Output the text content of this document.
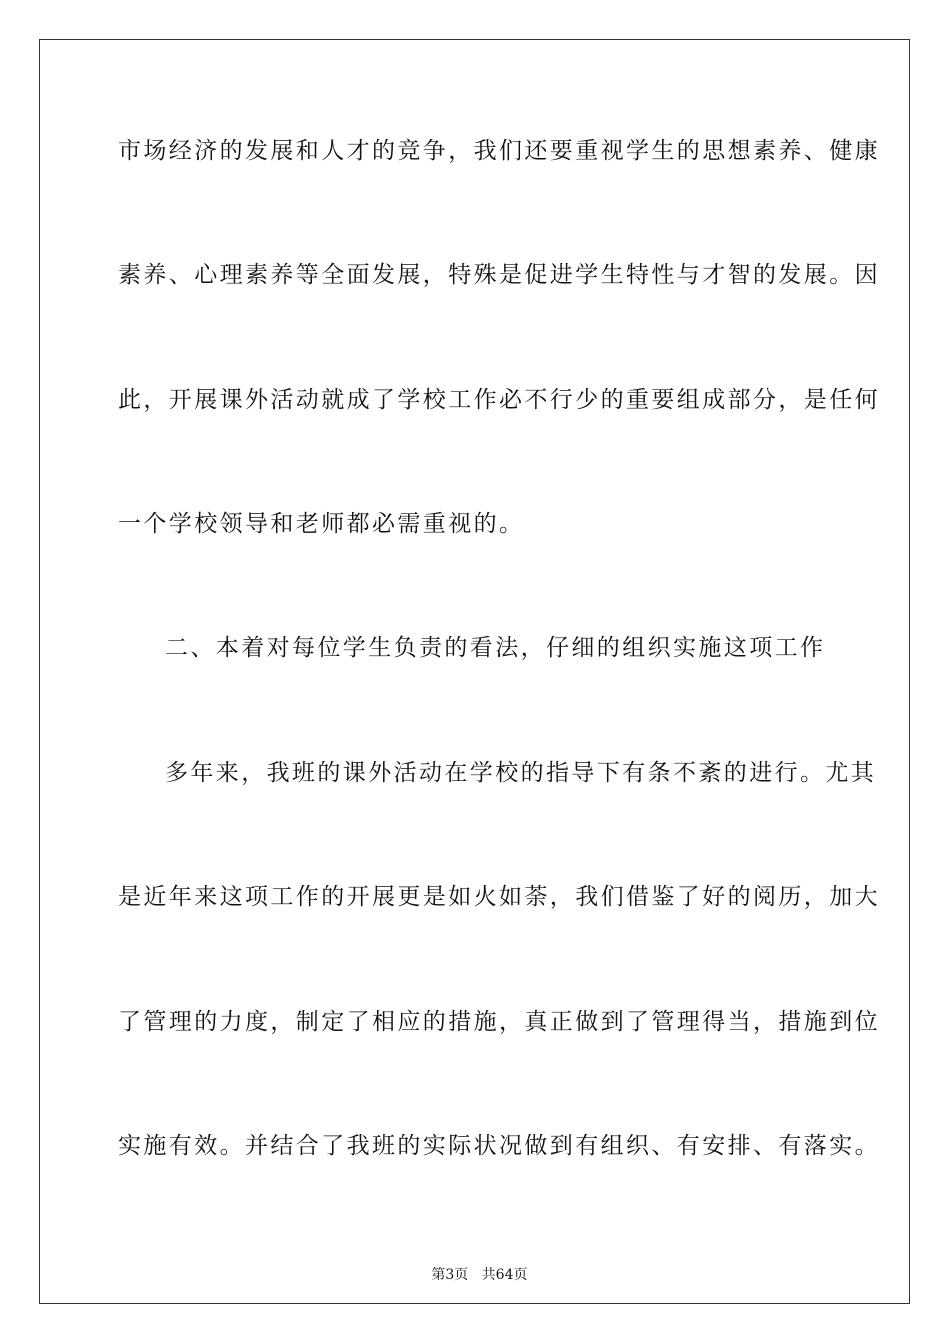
市场经济的发展和人才的竞争，我们还要重视学生的思想素养、健康
素养、心理素养等全面发展，特殊是促进学生特性与才智的发展。因
此，开展课外活动就成了学校工作必不行少的重要组成部分，是任何
一个学校领导和老师都必需重视的。
二、本着对每位学生负责的看法，仔细的组织实施这项工作
多年来，我班的课外活动在学校的指导下有条不紊的进行。尤其
是近年来这项工作的开展更是如火如荼，我们借鉴了好的阅历，加大
了管理的力度，制定了相应的措施，真正做到了管理得当，措施到位
实施有效。并结合了我班的实际状况做到有组织、有安排、有落实。

第3页 共64页
